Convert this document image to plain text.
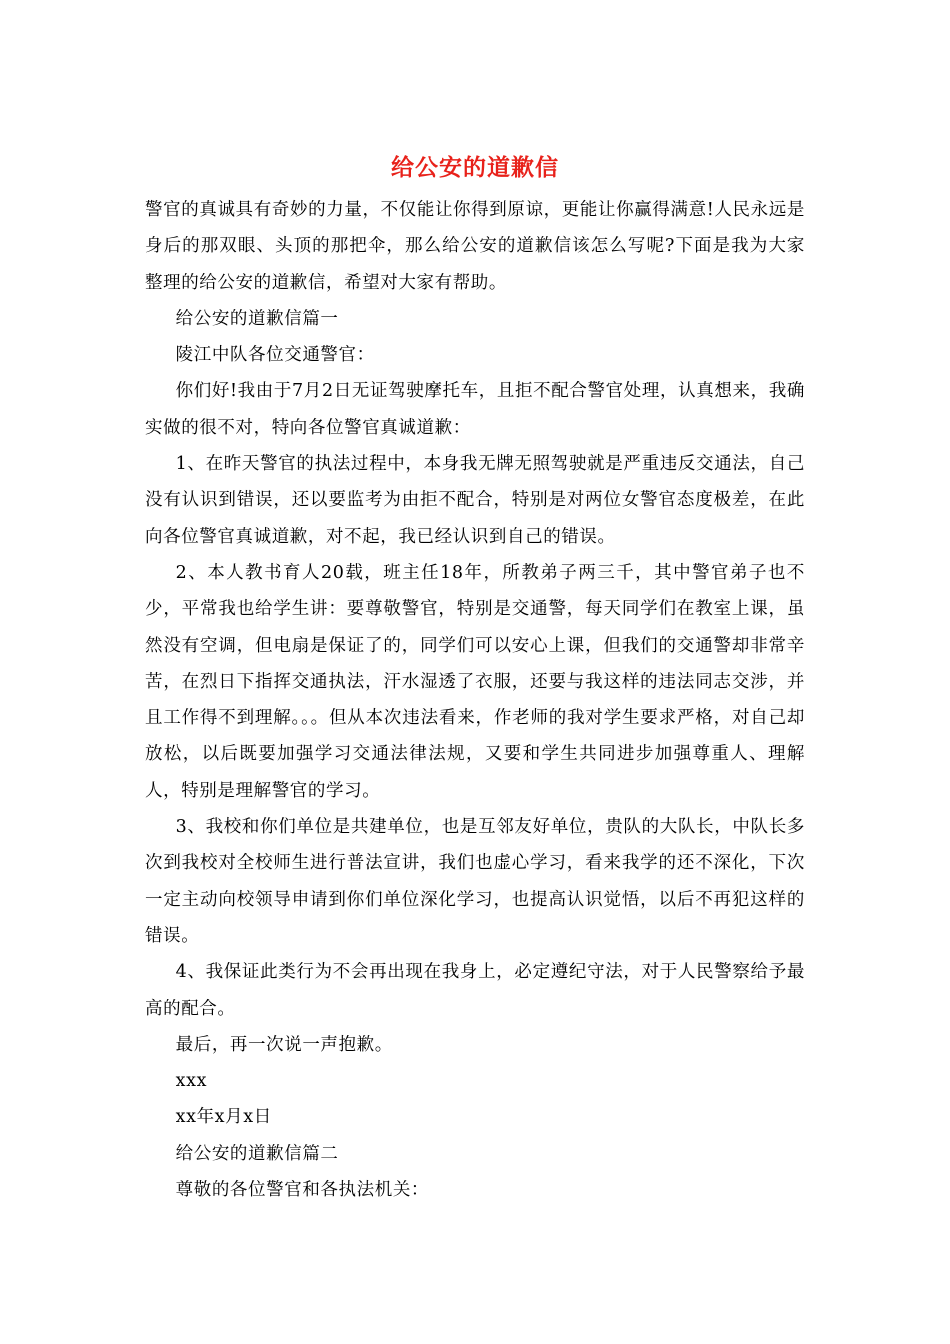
给公安的道歉信

警官的真诚具有奇妙的力量，不仅能让你得到原谅，更能让你赢得满意!人民永远是身后的那双眼、头顶的那把伞，那么给公安的道歉信该怎么写呢?下面是我为大家整理的给公安的道歉信，希望对大家有帮助。

给公安的道歉信篇一

陵江中队各位交通警官：

你们好!我由于7月2日无证驾驶摩托车，且拒不配合警官处理，认真想来，我确实做的很不对，特向各位警官真诚道歉：

1、在昨天警官的执法过程中，本身我无牌无照驾驶就是严重违反交通法，自己没有认识到错误，还以要监考为由拒不配合，特别是对两位女警官态度极差，在此向各位警官真诚道歉，对不起，我已经认识到自己的错误。

2、本人教书育人20载，班主任18年，所教弟子两三千，其中警官弟子也不少，平常我也给学生讲：要尊敬警官，特别是交通警，每天同学们在教室上课，虽然没有空调，但电扇是保证了的，同学们可以安心上课，但我们的交通警却非常辛苦，在烈日下指挥交通执法，汗水湿透了衣服，还要与我这样的违法同志交涉，并且工作得不到理解。。。但从本次违法看来，作老师的我对学生要求严格，对自己却放松，以后既要加强学习交通法律法规，又要和学生共同进步加强尊重人、理解人，特别是理解警官的学习。

3、我校和你们单位是共建单位，也是互邻友好单位，贵队的大队长，中队长多次到我校对全校师生进行普法宣讲，我们也虚心学习，看来我学的还不深化，下次一定主动向校领导申请到你们单位深化学习，也提高认识觉悟，以后不再犯这样的错误。

4、我保证此类行为不会再出现在我身上，必定遵纪守法，对于人民警察给予最高的配合。

最后，再一次说一声抱歉。

xxx

xx年x月x日

给公安的道歉信篇二

尊敬的各位警官和各执法机关：
